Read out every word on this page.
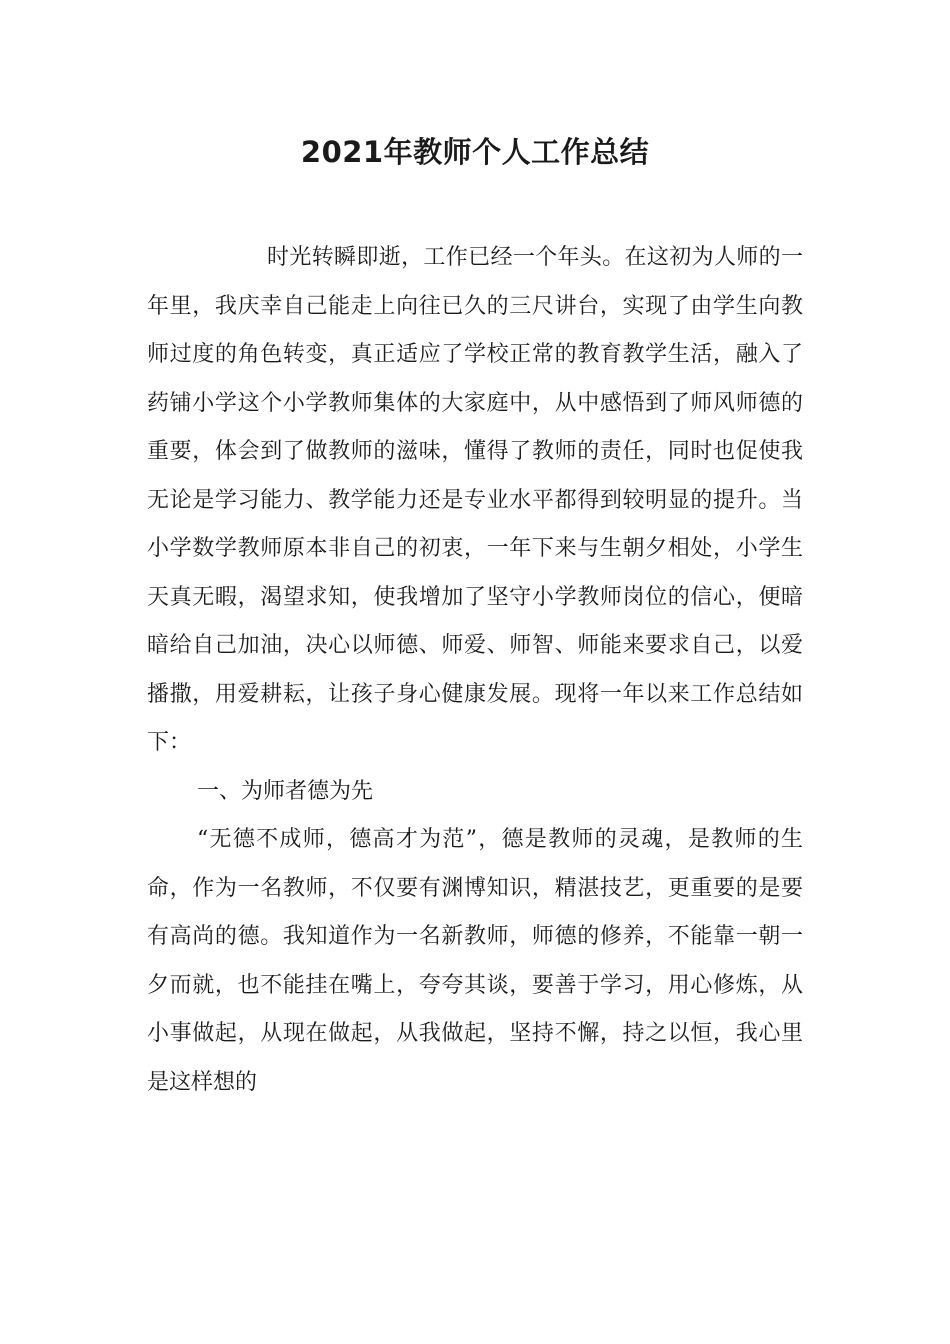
2021年教师个人工作总结

时光转瞬即逝，工作已经一个年头。在这初为人师的一年里，我庆幸自己能走上向往已久的三尺讲台，实现了由学生向教师过度的角色转变，真正适应了学校正常的教育教学生活，融入了药铺小学这个小学教师集体的大家庭中，从中感悟到了师风师德的重要，体会到了做教师的滋味，懂得了教师的责任，同时也促使我无论是学习能力、教学能力还是专业水平都得到较明显的提升。当小学数学教师原本非自己的初衷，一年下来与生朝夕相处，小学生天真无暇，渴望求知，使我增加了坚守小学教师岗位的信心，便暗暗给自己加油，决心以师德、师爱、师智、师能来要求自己，以爱播撒，用爱耕耘，让孩子身心健康发展。现将一年以来工作总结如下：

一、为师者德为先

“无德不成师，德高才为范”，德是教师的灵魂，是教师的生命，作为一名教师，不仅要有渊博知识，精湛技艺，更重要的是要有高尚的德。我知道作为一名新教师，师德的修养，不能靠一朝一夕而就，也不能挂在嘴上，夸夸其谈，要善于学习，用心修炼，从小事做起，从现在做起，从我做起，坚持不懈，持之以恒，我心里是这样想的
